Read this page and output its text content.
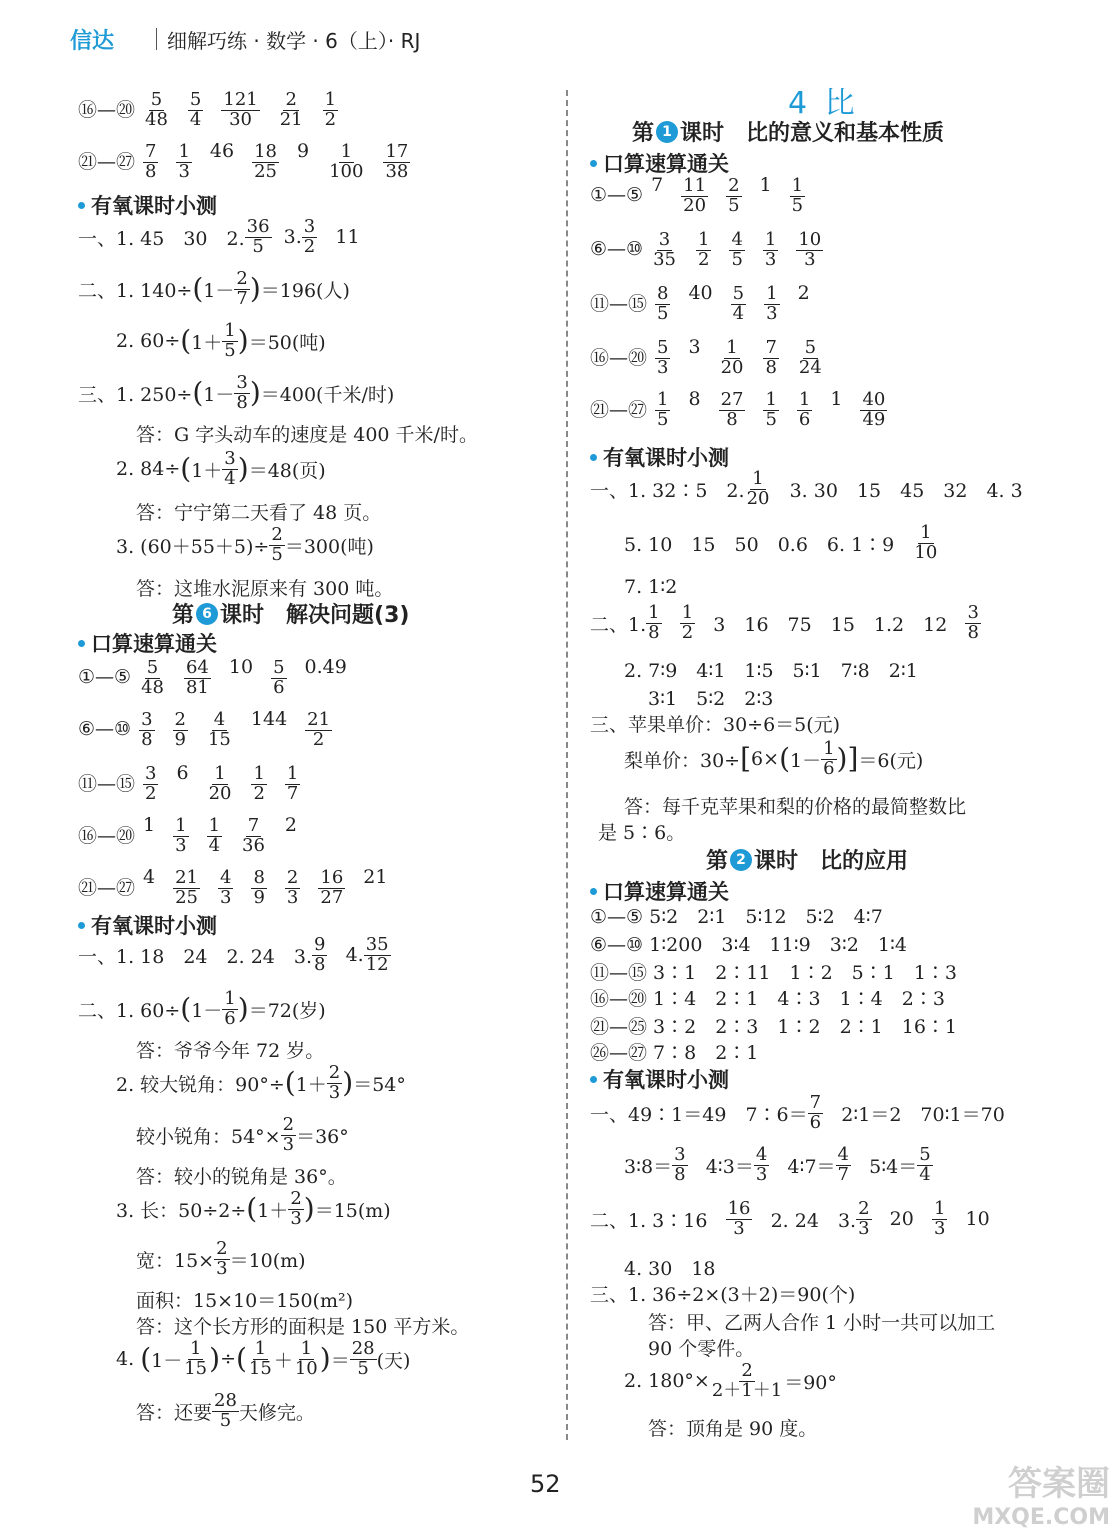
信达	细解巧练 · 数学 · 6（上）· RJ
⑯—⑳ $\frac{5}{48} \frac{5}{4} \frac{121}{30} \frac{2}{21} \frac{1}{2}$
㉑—㉗ $\frac{7}{8} \frac{1}{3} 46 \frac{18}{25} 9 \frac{1}{100} \frac{17}{38}$
有氧课时小测
一、1. 45　30　2. $\frac{36}{5}$
3. $\frac{3}{2}$
11
二、1. 140÷ ( $1- \frac{2}{7}$ ) ＝196(人)
2. 60÷ ( $1+ \frac{1}{5}$ ) ＝50(吨)
三、1. 250÷ ( $1- \frac{3}{8}$ ) ＝400(千米/时)
答：G 字头动车的速度是 400 千米/时。
2. 84÷ ( $1+ \frac{3}{4}$ ) ＝48(页)
答：宁宁第二天看了 48 页。
3. $(60+55+5)\div \frac{2}{5} =300$(吨)
答：这堆水泥原来有 300 吨。
第 6 课时　解决问题(3)
口算速算通关
①—⑤ $\frac{5}{48} \frac{64}{81} 10 \frac{5}{6} 0.49$
⑥—⑩ $\frac{3}{8} \frac{2}{9} \frac{4}{15} 144 \frac{21}{2}$
⑪—⑮ $\frac{3}{2} 6 \frac{1}{20} \frac{1}{2} \frac{1}{7}$
⑯—⑳
$1 \frac{1}{3} \frac{1}{4} \frac{7}{36} 2$
㉑—㉗
$4 \frac{21}{25} \frac{4}{3} \frac{8}{9} \frac{2}{3} \frac{16}{27} 21$
有氧课时小测
一、1. 18　24　2. 24　3. $\frac{9}{8}$
4. $\frac{35}{12}$
二、1. 60÷ ( $1- \frac{1}{6}$ ) ＝72(岁)
答：爷爷今年 72 岁。
2. 较大锐角：90°÷ ( $1+ \frac{2}{3}$ ) ＝54°
较小锐角：$54^\circ\times \frac{2}{3} =36^\circ$
答：较小的锐角是 36°。
3. 长：50÷2÷ ( $1+ \frac{2}{3}$ ) ＝15(m)
宽：$15\times \frac{2}{3} =10(m)$
面积：15×10＝150(m²)
答：这个长方形的面积是 150 平方米。
4.
( $1- \frac{1}{15}$ ) ÷ ( $\frac{1}{15} + \frac{1}{10}$ ) ＝ $\frac{28}{5}$ (天)
答：还要 $\frac{28}{5}$ 天修完。
4 比
第 1 课时　比的意义和基本性质
口算速算通关
①—⑤ $7 \frac{11}{20} \frac{2}{5} 1 \frac{1}{5}$
⑥—⑩ $\frac{3}{35} \frac{1}{2} \frac{4}{5} \frac{1}{3} \frac{10}{3}$
⑪—⑮ $\frac{8}{5} 40 \frac{5}{4} \frac{1}{3} 2$
⑯—⑳ $\frac{5}{3} 3 \frac{1}{20} \frac{7}{8} \frac{5}{24}$
㉑—㉗ $\frac{1}{5} 8 \frac{27}{8} \frac{1}{5} \frac{1}{6} 1 \frac{40}{49}$
有氧课时小测
一、1. 32∶5　2. $\frac{1}{20}$
3. 30　15　45　32　4. 3
5. 10　15　50　0.6　6. 1∶9
$\frac{1}{10}$
7. 1∶2
二、1. $\frac{1}{8}$
$\frac{1}{2}$
3　16　75　15　1.2　12
$\frac{3}{8}$
2. 7∶9　4∶1　1∶5　5∶1　7∶8　2∶1
3∶1　5∶2　2∶3
三、苹果单价：30÷6＝5(元)
梨单价：30÷ [ 6× ( $1- \frac{1}{6}$ ) ] ＝6(元)
答：每千克苹果和梨的价格的最简整数比
是 5∶6。
第 2 课时　比的应用
口算速算通关
①—⑤ 5∶2　2∶1　5∶12　5∶2　4∶7
⑥—⑩ 1∶200　3∶4　11∶9　3∶2　1∶4
⑪—⑮ 3∶1　2∶11　1∶2　5∶1　1∶3
⑯—⑳ 1∶4　2∶1　4∶3　1∶4　2∶3
㉑—㉕ 3∶2　2∶3　1∶2　2∶1　16∶1
㉖—㉗ 7∶8　2∶1
有氧课时小测
一、49∶1＝49　7∶6＝ $\frac{7}{6}$
2∶1＝2　70∶1＝70
3∶8＝ $\frac{3}{8}$
4∶3＝ $\frac{4}{3}$
4∶7＝ $\frac{4}{7}$
5∶4＝ $\frac{5}{4}$
二、1. 3∶16
$\frac{16}{3}$
2. 24　3. $\frac{2}{3}$
20
$\frac{1}{3}$
10
4. 30　18
三、1. 36÷2×(3＋2)＝90(个)
答：甲、乙两人合作 1 小时一共可以加工
90 个零件。
2. $180^\circ\times \frac{2}{2+1+1} =90^\circ$
答：顶角是 90 度。
52	答案圈
MXQE.COM
